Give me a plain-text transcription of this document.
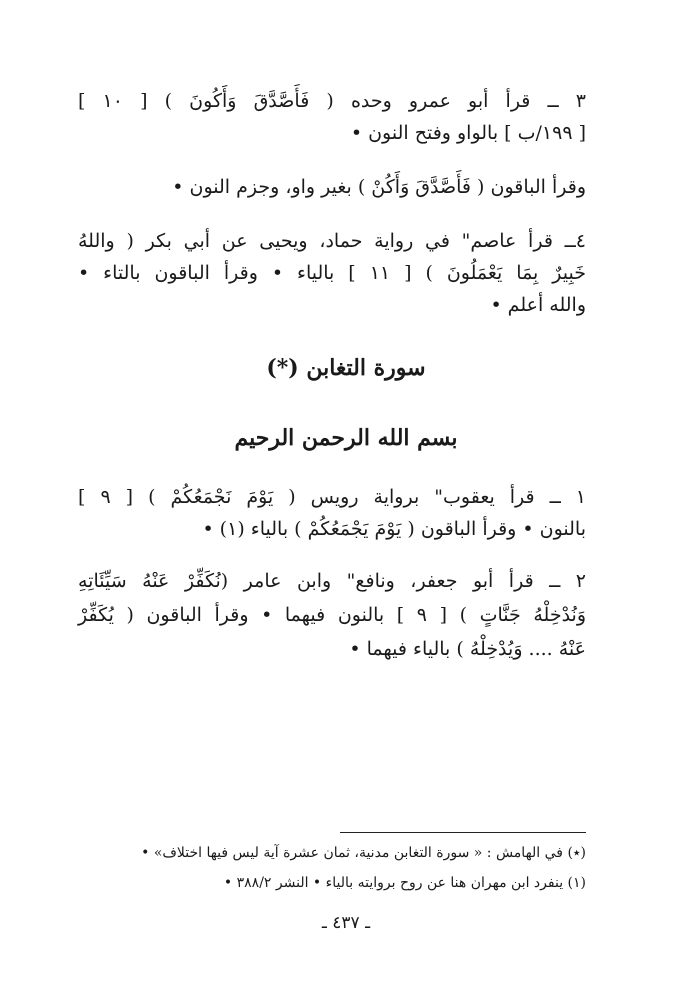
٣ ــ قرأ أبو عمرو وحده ( فَأَصَّدَّقَ وَأَكُونَ ) [ ١٠ ]
[ ١٩٩/ب ] بالواو وفتح النون •
وقرأ الباقون ( فَأَصَّدَّقَ وَأَكُنْ ) بغير واو، وجزم النون •
٤ــ قرأ عاصم" في رواية حماد، ويحيى عن أبي بكر ( واللهُ
خَبِيرٌ بِمَا يَعْمَلُونَ ) [ ١١ ] بالياء • وقرأ الباقون بالتاء •
والله أعلم •
سورة التغابن (*)
بسم الله الرحمن الرحيم
١ ــ قرأ يعقوب" برواية رويس ( يَوْمَ نَجْمَعُكُمْ ) [ ٩ ]
بالنون • وقرأ الباقون ( يَوْمَ يَجْمَعُكُمْ ) بالياء (١) •
٢ ــ قرأ أبو جعفر، ونافع" وابن عامر (نُكَفِّرْ عَنْهُ سَيِّئَاتِهِ
وَنُدْخِلْهُ جَنَّاتٍ ) [ ٩ ] بالنون فيهما • وقرأ الباقون ( يُكَفِّرْ
عَنْهُ .... وَيُدْخِلْهُ ) بالياء فيهما •
(٭) في الهامش : « سورة التغابن مدنية، ثمان عشرة آية ليس فيها اختلاف» •
(١) ينفرد ابن مهران هنا عن روح بروايته بالياء • النشر ٣٨٨/٢ •
ـ ٤٣٧ ـ
